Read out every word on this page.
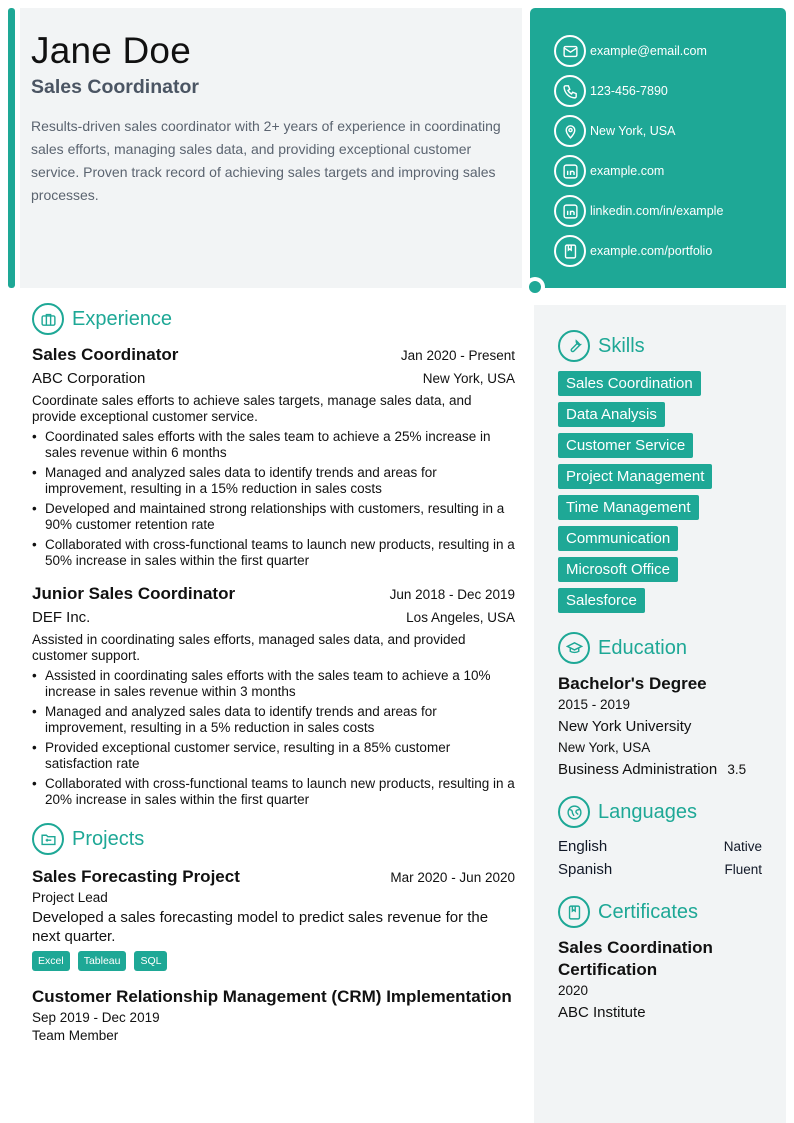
Jane Doe
Sales Coordinator
Results-driven sales coordinator with 2+ years of experience in coordinating sales efforts, managing sales data, and providing exceptional customer service. Proven track record of achieving sales targets and improving sales processes.
example@email.com
123-456-7890
New York, USA
example.com
linkedin.com/in/example
example.com/portfolio
Experience
Sales Coordinator	Jan 2020 - Present
ABC Corporation	New York, USA
Coordinate sales efforts to achieve sales targets, manage sales data, and provide exceptional customer service.
• Coordinated sales efforts with the sales team to achieve a 25% increase in sales revenue within 6 months
• Managed and analyzed sales data to identify trends and areas for improvement, resulting in a 15% reduction in sales costs
• Developed and maintained strong relationships with customers, resulting in a 90% customer retention rate
• Collaborated with cross-functional teams to launch new products, resulting in a 50% increase in sales within the first quarter
Junior Sales Coordinator	Jun 2018 - Dec 2019
DEF Inc.	Los Angeles, USA
Assisted in coordinating sales efforts, managed sales data, and provided customer support.
• Assisted in coordinating sales efforts with the sales team to achieve a 10% increase in sales revenue within 3 months
• Managed and analyzed sales data to identify trends and areas for improvement, resulting in a 5% reduction in sales costs
• Provided exceptional customer service, resulting in a 85% customer satisfaction rate
• Collaborated with cross-functional teams to launch new products, resulting in a 20% increase in sales within the first quarter
Projects
Sales Forecasting Project	Mar 2020 - Jun 2020
Project Lead
Developed a sales forecasting model to predict sales revenue for the next quarter.
Excel	Tableau	SQL
Customer Relationship Management (CRM) Implementation
Sep 2019 - Dec 2019
Team Member
Skills
Sales Coordination
Data Analysis
Customer Service
Project Management
Time Management
Communication
Microsoft Office
Salesforce
Education
Bachelor's Degree
2015 - 2019
New York University
New York, USA
Business Administration 3.5
Languages
English	Native
Spanish	Fluent
Certificates
Sales Coordination Certification
2020
ABC Institute
